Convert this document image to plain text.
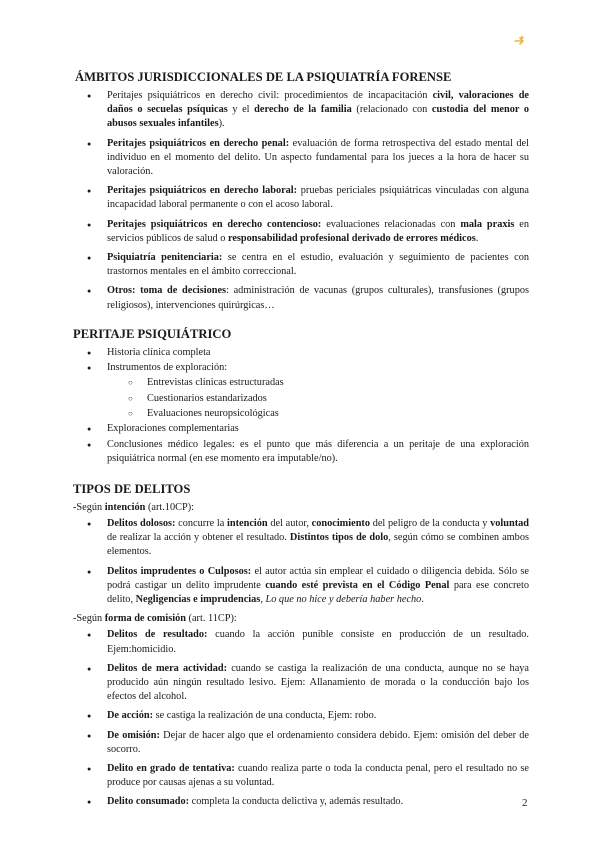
ÁMBITOS JURISDICCIONALES DE LA PSIQUIATRÍA FORENSE
● Peritajes psiquiátricos en derecho civil: procedimientos de incapacitación civil, valoraciones de daños o secuelas psíquicas y el derecho de la familia (relacionado con custodia del menor o abusos sexuales infantiles).
● Peritajes psiquiátricos en derecho penal: evaluación de forma retrospectiva del estado mental del individuo en el momento del delito. Un aspecto fundamental para los jueces a la hora de hacer su valoración.
● Peritajes psiquiátricos en derecho laboral: pruebas periciales psiquiátricas vinculadas con alguna incapacidad laboral permanente o con el acoso laboral.
● Peritajes psiquiátricos en derecho contencioso: evaluaciones relacionadas con mala praxis en servicios públicos de salud o responsabilidad profesional derivado de errores médicos.
● Psiquiatría penitenciaria: se centra en el estudio, evaluación y seguimiento de pacientes con trastornos mentales en el ámbito correccional.
● Otros: toma de decisiones: administración de vacunas (grupos culturales), transfusiones (grupos religiosos), intervenciones quirúrgicas…
PERITAJE PSIQUIÁTRICO
● Historia clínica completa
● Instrumentos de exploración:
○ Entrevistas clínicas estructuradas
○ Cuestionarios estandarizados
○ Evaluaciones neuropsicológicas
● Exploraciones complementarias
● Conclusiones médico legales: es el punto que más diferencia a un peritaje de una exploración psiquiátrica normal (en ese momento era imputable/no).
TIPOS DE DELITOS
-Según intención (art.10CP):
● Delitos dolosos: concurre la intención del autor, conocimiento del peligro de la conducta y voluntad de realizar la acción y obtener el resultado. Distintos tipos de dolo, según cómo se combinen ambos elementos.
● Delitos imprudentes o Culposos: el autor actúa sin emplear el cuidado o diligencia debida. Sólo se podrá castigar un delito imprudente cuando esté prevista en el Código Penal para ese concreto delito, Negligencias e imprudencias, Lo que no hice y debería haber hecho.
-Según forma de comisión (art. 11CP):
● Delitos de resultado: cuando la acción punible consiste en producción de un resultado. Ejem:homicidio.
● Delitos de mera actividad: cuando se castiga la realización de una conducta, aunque no se haya producido aún ningún resultado lesivo. Ejem: Allanamiento de morada o la conducción bajo los efectos del alcohol.
● De acción: se castiga la realización de una conducta, Ejem: robo.
● De omisión: Dejar de hacer algo que el ordenamiento considera debido. Ejem: omisión del deber de socorro.
● Delito en grado de tentativa: cuando realiza parte o toda la conducta penal, pero el resultado no se produce por causas ajenas a su voluntad.
● Delito consumado: completa la conducta delictiva y, además resultado.	2
